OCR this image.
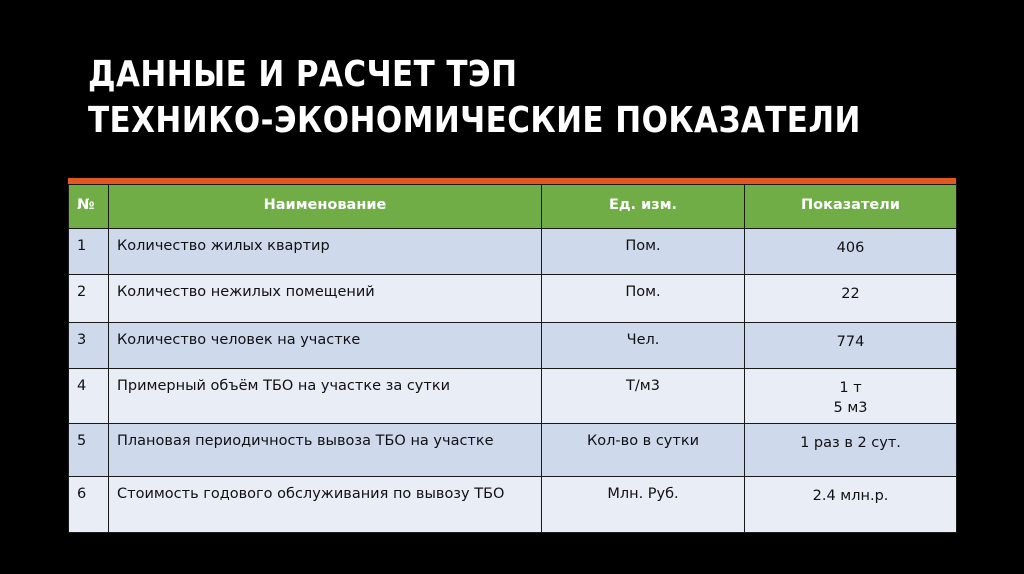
ДАННЫЕ И РАСЧЕТ ТЭП
ТЕХНИКО-ЭКОНОМИЧЕСКИЕ ПОКАЗАТЕЛИ
№	Наименование	Ед. изм.	Показатели
1	Количество жилых квартир	Пом.	406

2	Количество нежилых помещений	Пом.	22

3	Количество человек на участке	Чел.	774

4	Примерный объём ТБО на участке за сутки	Т/м3	1 т
5 м3

5	Плановая периодичность вывоза ТБО на участке	Кол-во в сутки	1 раз в 2 сут.

6	Стоимость годового обслуживания по вывозу ТБО	Млн. Руб.	2.4 млн.р.
